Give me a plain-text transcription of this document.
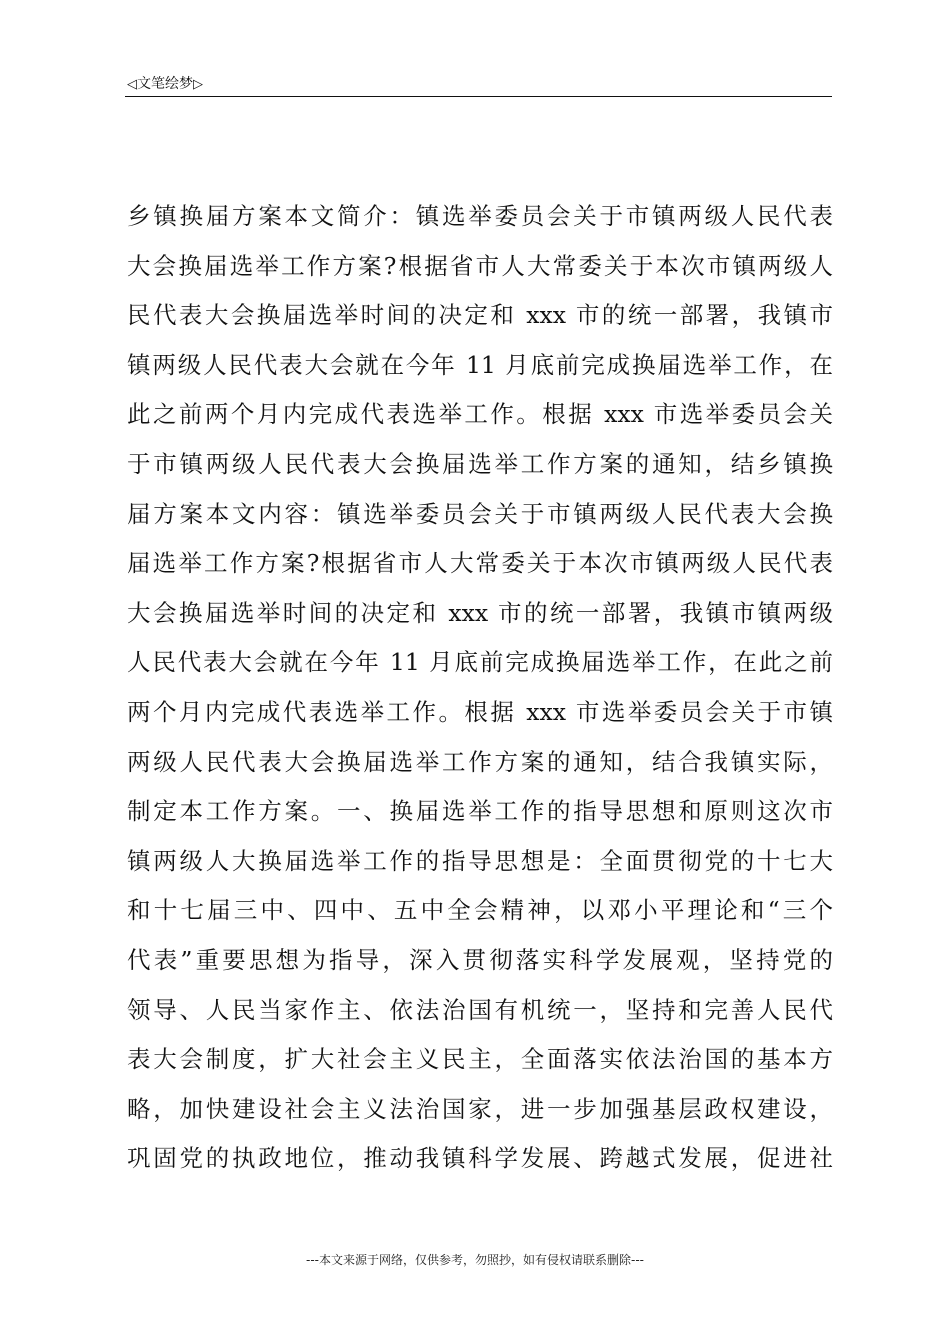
◁文笔绘梦▷
乡镇换届方案本文简介：镇选举委员会关于市镇两级人民代表
大会换届选举工作方案?根据省市人大常委关于本次市镇两级人
民代表大会换届选举时间的决定和 xxx 市的统一部署，我镇市
镇两级人民代表大会就在今年 11 月底前完成换届选举工作，在
此之前两个月内完成代表选举工作。根据 xxx 市选举委员会关
于市镇两级人民代表大会换届选举工作方案的通知，结乡镇换
届方案本文内容：镇选举委员会关于市镇两级人民代表大会换
届选举工作方案?根据省市人大常委关于本次市镇两级人民代表
大会换届选举时间的决定和 xxx 市的统一部署，我镇市镇两级
人民代表大会就在今年 11 月底前完成换届选举工作，在此之前
两个月内完成代表选举工作。根据 xxx 市选举委员会关于市镇
两级人民代表大会换届选举工作方案的通知，结合我镇实际，
制定本工作方案。一、换届选举工作的指导思想和原则这次市
镇两级人大换届选举工作的指导思想是：全面贯彻党的十七大
和十七届三中、四中、五中全会精神，以邓小平理论和“三个
代表”重要思想为指导，深入贯彻落实科学发展观，坚持党的
领导、人民当家作主、依法治国有机统一，坚持和完善人民代
表大会制度，扩大社会主义民主，全面落实依法治国的基本方
略，加快建设社会主义法治国家，进一步加强基层政权建设，
巩固党的执政地位，推动我镇科学发展、跨越式发展，促进社
---本文来源于网络，仅供参考，勿照抄，如有侵权请联系删除---
